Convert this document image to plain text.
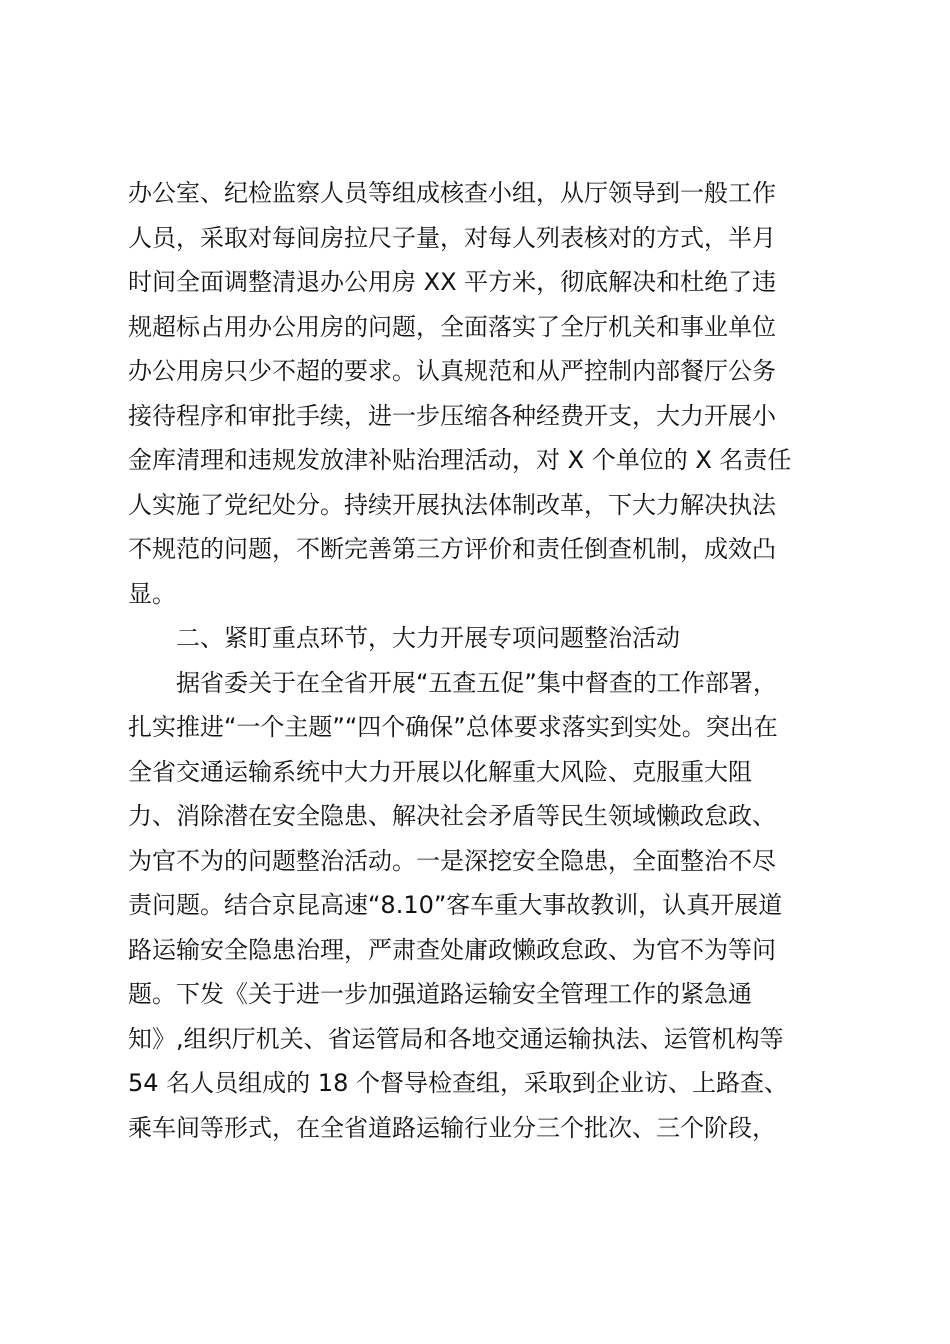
办公室、纪检监察人员等组成核查小组，从厅领导到一般工作
人员，采取对每间房拉尺子量，对每人列表核对的方式，半月
时间全面调整清退办公用房 XX 平方米，彻底解决和杜绝了违
规超标占用办公用房的问题，全面落实了全厅机关和事业单位
办公用房只少不超的要求。认真规范和从严控制内部餐厅公务
接待程序和审批手续，进一步压缩各种经费开支，大力开展小
金库清理和违规发放津补贴治理活动，对 X 个单位的 X 名责任
人实施了党纪处分。持续开展执法体制改革，下大力解决执法
不规范的问题，不断完善第三方评价和责任倒查机制，成效凸
显。
二、紧盯重点环节，大力开展专项问题整治活动
据省委关于在全省开展“五查五促”集中督查的工作部署，
扎实推进“一个主题”“四个确保”总体要求落实到实处。突出在
全省交通运输系统中大力开展以化解重大风险、克服重大阻
力、消除潜在安全隐患、解决社会矛盾等民生领域懒政怠政、
为官不为的问题整治活动。一是深挖安全隐患，全面整治不尽
责问题。结合京昆高速“8.10”客车重大事故教训，认真开展道
路运输安全隐患治理，严肃查处庸政懒政怠政、为官不为等问
题。下发《关于进一步加强道路运输安全管理工作的紧急通
知》,组织厅机关、省运管局和各地交通运输执法、运管机构等
54 名人员组成的 18 个督导检查组，采取到企业访、上路查、
乘车间等形式，在全省道路运输行业分三个批次、三个阶段，
